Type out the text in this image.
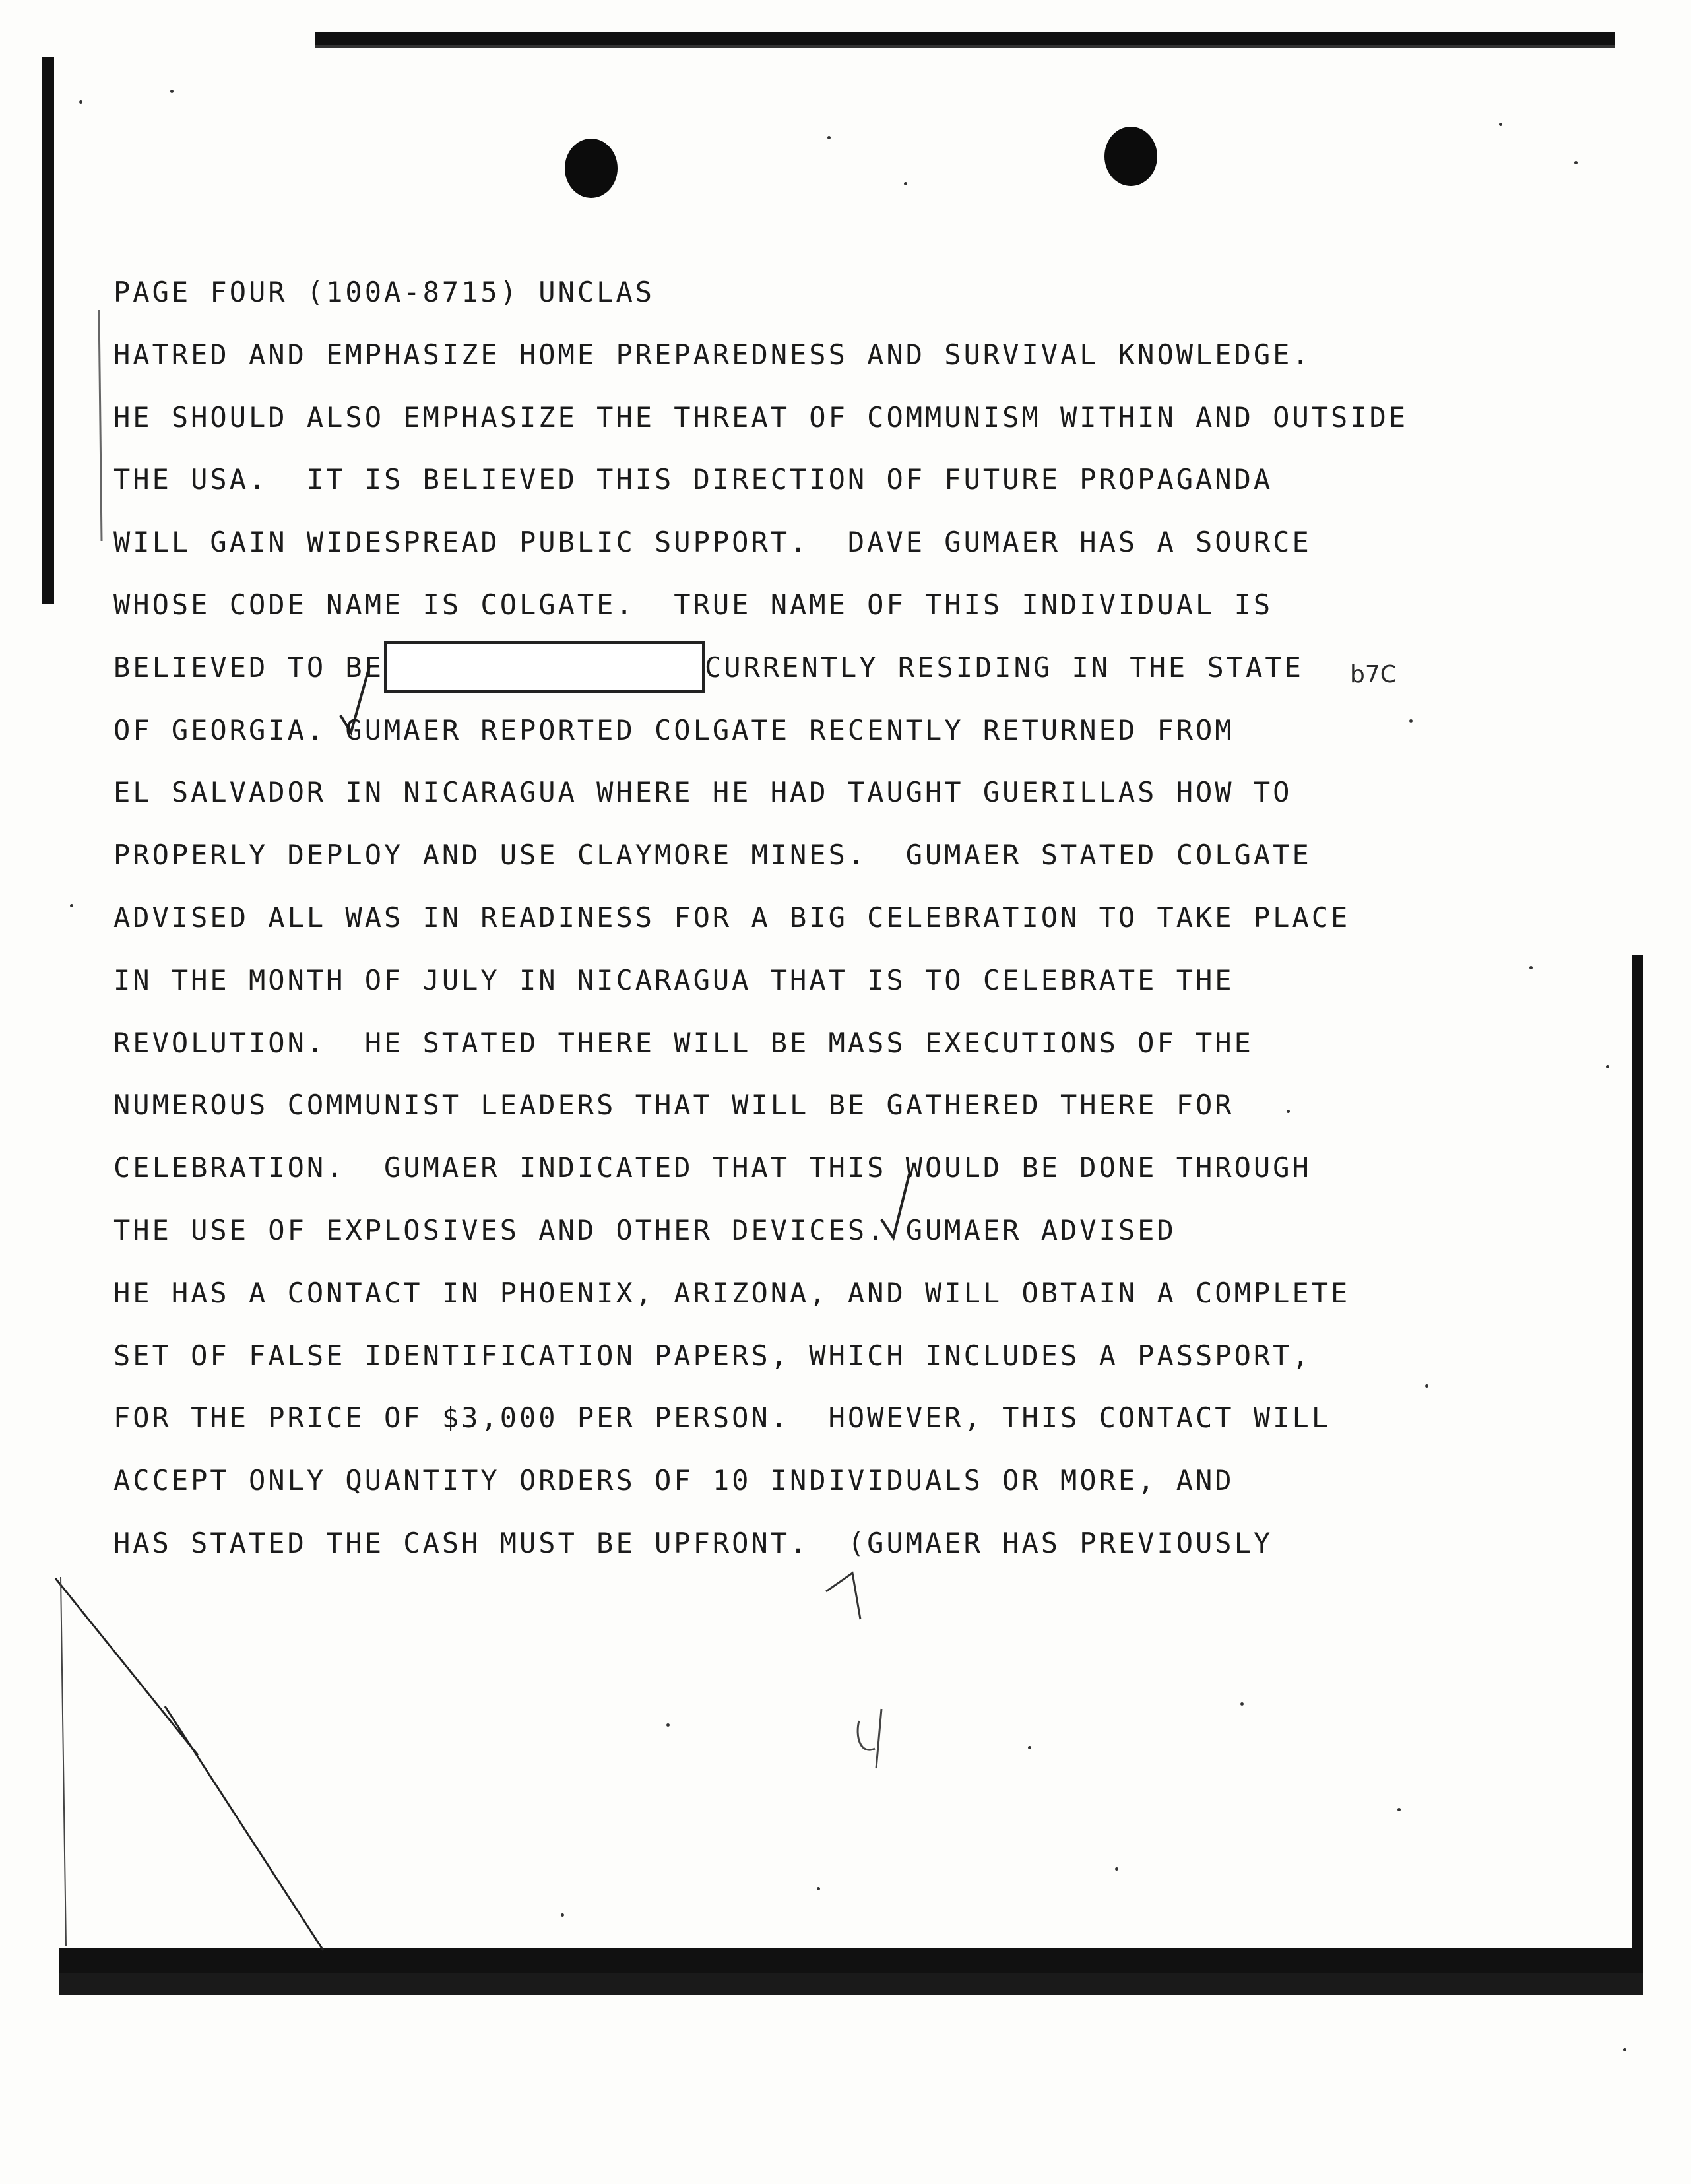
PAGE FOUR (100A-8715) UNCLAS
HATRED AND EMPHASIZE HOME PREPAREDNESS AND SURVIVAL KNOWLEDGE.
HE SHOULD ALSO EMPHASIZE THE THREAT OF COMMUNISM WITHIN AND OUTSIDE
THE USA.  IT IS BELIEVED THIS DIRECTION OF FUTURE PROPAGANDA
WILL GAIN WIDESPREAD PUBLIC SUPPORT.  DAVE GUMAER HAS A SOURCE
WHOSE CODE NAME IS COLGATE.  TRUE NAME OF THIS INDIVIDUAL IS
BELIEVED TO BE	CURRENTLY RESIDING IN THE STATE
OF GEORGIA. GUMAER REPORTED COLGATE RECENTLY RETURNED FROM
EL SALVADOR IN NICARAGUA WHERE HE HAD TAUGHT GUERILLAS HOW TO
PROPERLY DEPLOY AND USE CLAYMORE MINES.  GUMAER STATED COLGATE
ADVISED ALL WAS IN READINESS FOR A BIG CELEBRATION TO TAKE PLACE
IN THE MONTH OF JULY IN NICARAGUA THAT IS TO CELEBRATE THE
REVOLUTION.  HE STATED THERE WILL BE MASS EXECUTIONS OF THE
NUMEROUS COMMUNIST LEADERS THAT WILL BE GATHERED THERE FOR
CELEBRATION.  GUMAER INDICATED THAT THIS WOULD BE DONE THROUGH
THE USE OF EXPLOSIVES AND OTHER DEVICES. GUMAER ADVISED
HE HAS A CONTACT IN PHOENIX, ARIZONA, AND WILL OBTAIN A COMPLETE
SET OF FALSE IDENTIFICATION PAPERS, WHICH INCLUDES A PASSPORT,
FOR THE PRICE OF $3,000 PER PERSON.  HOWEVER, THIS CONTACT WILL
ACCEPT ONLY QUANTITY ORDERS OF 10 INDIVIDUALS OR MORE, AND
HAS STATED THE CASH MUST BE UPFRONT.  (GUMAER HAS PREVIOUSLY
b7C
